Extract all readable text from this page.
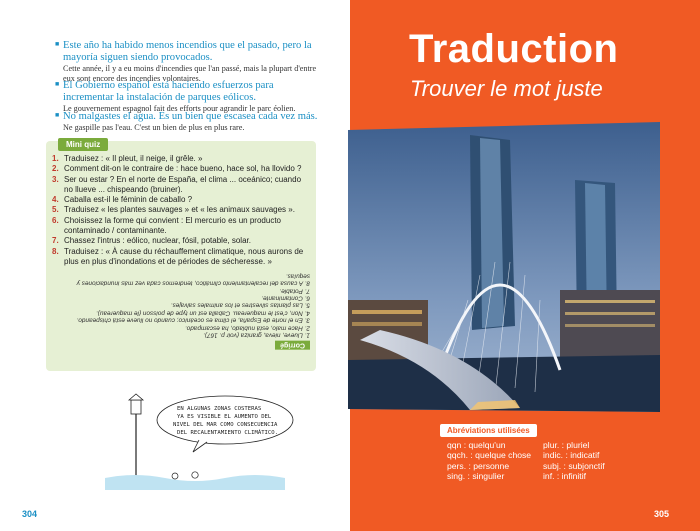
■ Este año ha habido menos incendios que el pasado, pero la mayoría siguen siendo provocados.
Cette année, il y a eu moins d'incendies que l'an passé, mais la plupart d'entre eux sont encore des incendies volontaires.
■ El Gobierno español está haciendo esfuerzos para incrementar la instalación de parques eólicos.
Le gouvernement espagnol fait des efforts pour agrandir le parc éolien.
■ No malgastes el agua. Es un bien que escasea cada vez más.
Ne gaspille pas l'eau. C'est un bien de plus en plus rare.
Mini quiz
1. Traduisez : « Il pleut, il neige, il grêle. »
2. Comment dit-on le contraire de : hace bueno, hace sol, ha llovido ?
3. Ser ou estar ? En el norte de España, el clima ... oceánico; cuando no llueve ... chispeando (bruiner).
4. Caballa est-il le féminin de caballo ?
5. Traduisez « les plantes sauvages » et « les animaux sauvages ».
6. Choisissez la forme qui convient : El mercurio es un producto contaminado / contaminante.
7. Chassez l'intrus : eólico, nuclear, fósil, potable, solar.
8. Traduisez : « À cause du réchauffement climatique, nous aurons de plus en plus d'inondations et de périodes de sécheresse. »
Corrigé
1. Llueve, nieva, graniza (voir p. 167).
2. Hace malo, está nublado, ha escampado.
3. En el norte de España, el clima es oceánico; cuando no llueve está chispeando.
4. Non, c'est le maquereau. Caballa est un type de poisson (le maquereau).
5. Las plantas silvestres et los animales salvajes.
6. Contaminante.
7. Potable.
8. A causa del recalentamiento climático, tendremos cada vez más inundaciones y sequías.
EN ALGUNAS ZONAS COSTERAS
YA ES VISIBLE EL AUMENTO DEL
NIVEL DEL MAR COMO CONSECUENCIA
DEL RECALENTAMIENTO CLIMÁTICO.
304
Traduction
Trouver le mot juste
Abréviations utilisées
qqn : quelqu'un
qqch. : quelque chose
pers. : personne
sing. : singulier
plur. : pluriel
indic. : indicatif
subj. : subjonctif
inf. : infinitif
305
